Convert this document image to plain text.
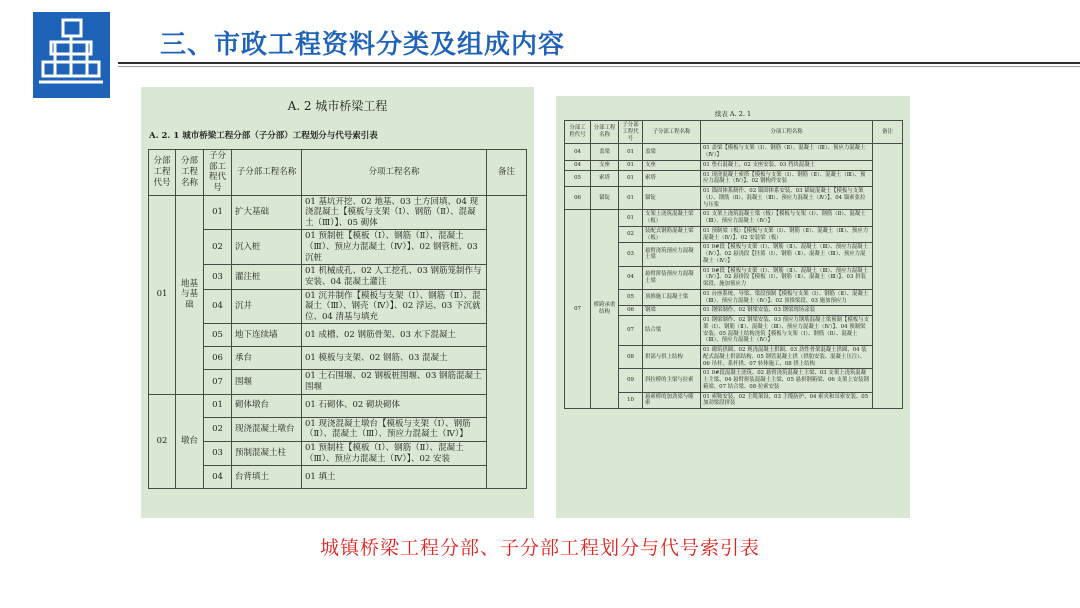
三、市政工程资料分类及组成内容
A. 2 城市桥梁工程
A. 2. 1 城市桥梁工程分部（子分部）工程划分与代号索引表
分部工程代号	分部工程名称	子分部工程代号	子分部工程名称	分项工程名称	备注
01	地基与基础	01	扩大基础	01 基坑开挖、02 地基、03 土方回填、04 现浇混凝土【模板与支架（Ⅰ）、钢筋（Ⅱ）、混凝土（Ⅲ）】、05 砌体	
		02	沉入桩	01 预制桩【模板（Ⅰ）、钢筋（Ⅱ）、混凝土（Ⅲ）、预应力混凝土（Ⅳ）】、02 钢管桩、03 沉桩	
		03	灌注桩	01 机械成孔、02 人工挖孔、03 钢筋笼制作与安装、04 混凝土灌注	
		04	沉井	01 沉井制作【模板与支架（Ⅰ）、钢筋（Ⅱ）、混凝土（Ⅲ）、钢壳（Ⅳ）】、02 浮运、03 下沉就位、04 清基与填充	
		05	地下连续墙	01 成槽、02 钢筋骨架、03 水下混凝土	
		06	承台	01 模板与支架、02 钢筋、03 混凝土	
		07	围堰	01 土石围堰、02 钢板桩围堰、03 钢筋混凝土围堰	
02	墩台	01	砌体墩台	01 石砌体、02 砌块砌体	
		02	现浇混凝土墩台	01 现浇混凝土墩台【模板与支架（Ⅰ）、钢筋（Ⅱ）、混凝土（Ⅲ）、预应力混凝土（Ⅳ）】	
		03	预制混凝土柱	01 预制柱【模板（Ⅰ）、钢筋（Ⅱ）、混凝土（Ⅲ）、预应力混凝土（Ⅳ）】、02 安装	
		04	台背填土	01 填土	
续表 A. 2. 1
分部工程代号	分部工程名称	子分部工程代号	子分部工程名称	分项工程名称	备注
04	盖梁	01	盖梁	01 盖梁【模板与支架（Ⅰ）、钢筋（Ⅱ）、混凝土（Ⅲ）、预应力混凝土（Ⅳ）】	
04	支座	01	支座	01 垫石混凝土、02 支座安装、03 挡块混凝土	
05	索塔	01	索塔	01 现浇混凝土索塔【模板与支架（Ⅰ）、钢筋（Ⅱ）、混凝土（Ⅲ）、预应力混凝土（Ⅳ）】、02 钢构件安装	
06	锚锭	01	锚锭	01 锚固体系制作、02 锚固体系安装、03 锚碇混凝土【模板与支架（Ⅰ）、钢筋（Ⅱ）、混凝土（Ⅲ）、预应力混凝土（Ⅳ）】、04 锚索张拉与压浆	
07	桥跨承重结构	01	支架上浇筑混凝土梁（板）	01 支架上浇筑混凝土梁（板）【模板与支架（Ⅰ）、钢筋（Ⅱ）、混凝土（Ⅲ）、预应力混凝土（Ⅳ）】	
		02	装配式钢筋混凝土梁（板）	01 预制梁（板）【模板与支架（Ⅰ）、钢筋（Ⅱ）、混凝土（Ⅲ）、预应力混凝土（Ⅳ）】、02 安装梁（板）	
		03	悬臂浇筑预应力混凝土梁	01 0#段【模板与支架（Ⅰ）、钢筋（Ⅱ）、混凝土（Ⅲ）、预应力混凝土（Ⅳ）】、02 悬浇段【挂篮（Ⅰ）、钢筋（Ⅱ）、混凝土（Ⅲ）、预应力混凝土（Ⅳ）】	
		04	悬臂拼装预应力混凝土梁	01 0#段【模板与支架（Ⅰ）、钢筋（Ⅱ）、混凝土（Ⅲ）、预应力混凝土（Ⅳ）】、02 悬拼段【模板（Ⅰ）、钢筋（Ⅱ）、混凝土（Ⅲ）】、03 拼装梁段、施加预应力	
		05	顶推施工混凝土梁	01 台座系统、导梁、梁段预制【模板与支架（Ⅰ）、钢筋（Ⅱ）、混凝土（Ⅲ）、预应力混凝土（Ⅳ）】、02 顶推梁段、03 施加预应力	
		06	钢梁	01 钢梁制作、02 钢梁安装、03 钢梁现场涂装	
		07	结合梁	01 钢梁制作、02 钢梁安装、03 预应力钢筋混凝土梁预制【模板与支架（Ⅰ）、钢筋（Ⅱ）、混凝土（Ⅲ）、预应力混凝土（Ⅳ）】、04 预制梁安装、05 混凝土结构浇筑【模板与支架（Ⅰ）、钢筋（Ⅱ）、混凝土（Ⅲ）、预应力混凝土（Ⅳ）】	
		08	拱部与拱上结构	01 砌筑拱圈、02 现浇混凝土拱圈、03 劲性骨架混凝土拱圈、04 装配式混凝土拱部结构、05 钢管混凝土拱（拱肋安装、混凝土压注）、06 吊杆、系杆拱、07 转体施工、08 拱上结构	
		09	斜拉桥的主梁与拉索	01 0#段混凝土浇筑、02 悬臂浇筑混凝土主梁、03 支架上浇筑混凝土主梁、04 悬臂拼装混凝土主梁、05 悬拼钢箱梁、06 支架上安装钢箱梁、07 结合梁、08 拉索安装	
		10	悬索桥的加劲梁与缆索	01 索鞍安装、02 主缆架设、03 主缆防护、04 索夹和吊索安装、05 加劲梁段拼装	
城镇桥梁工程分部、子分部工程划分与代号索引表
